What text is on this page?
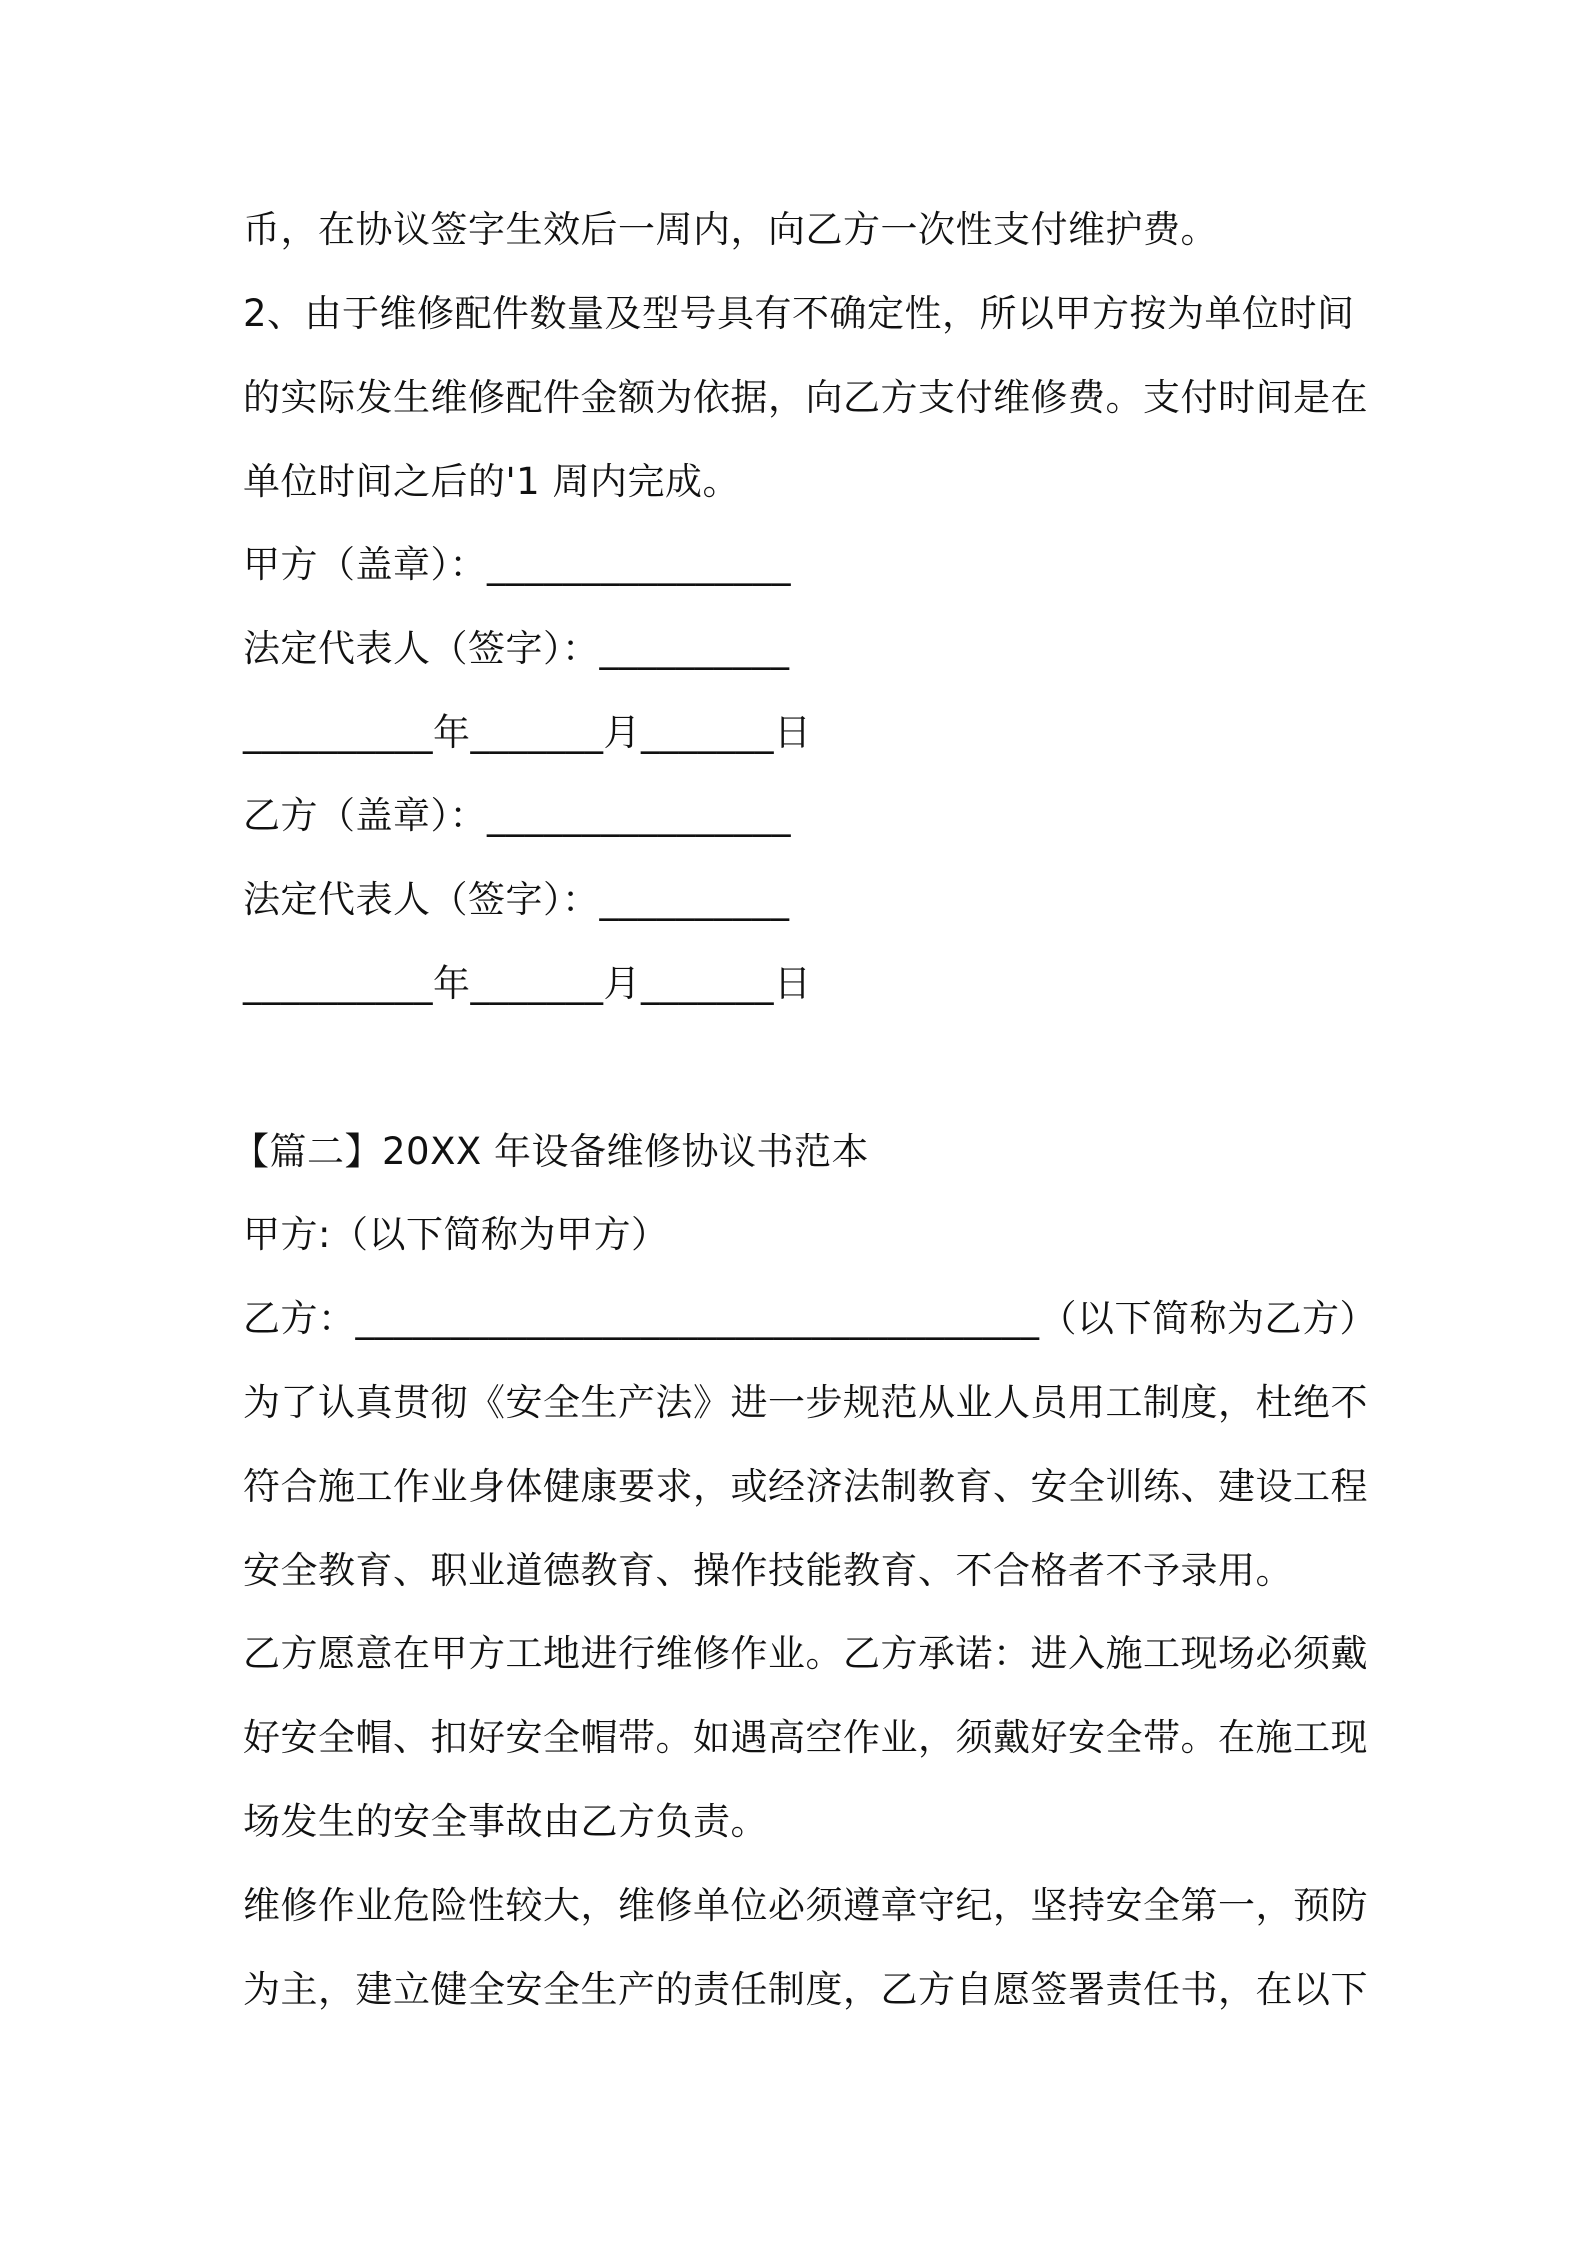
币，在协议签字生效后一周内，向乙方一次性支付维护费。
2、由于维修配件数量及型号具有不确定性，所以甲方按为单位时间
的实际发生维修配件金额为依据，向乙方支付维修费。支付时间是在
单位时间之后的'1 周内完成。
甲方（盖章）：________________
法定代表人（签字）：__________
__________年_______月_______日
乙方（盖章）：________________
法定代表人（签字）：__________
__________年_______月_______日
【篇二】20XX 年设备维修协议书范本
甲方:（以下简称为甲方）
乙方：____________________________________（以下简称为乙方）
为了认真贯彻《安全生产法》进一步规范从业人员用工制度，杜绝不
符合施工作业身体健康要求，或经济法制教育、安全训练、建设工程
安全教育、职业道德教育、操作技能教育、不合格者不予录用。
乙方愿意在甲方工地进行维修作业。乙方承诺：进入施工现场必须戴
好安全帽、扣好安全帽带。如遇高空作业，须戴好安全带。在施工现
场发生的安全事故由乙方负责。
维修作业危险性较大，维修单位必须遵章守纪，坚持安全第一，预防
为主，建立健全安全生产的责任制度，乙方自愿签署责任书，在以下
